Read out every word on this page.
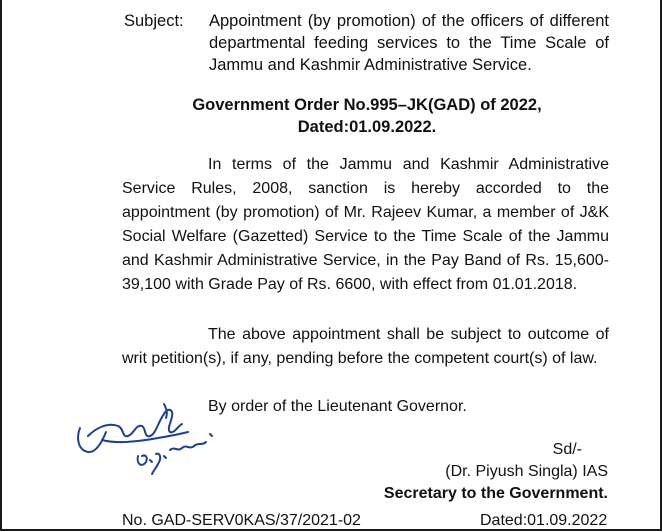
Subject: Appointment (by promotion) of the officers of different departmental feeding services to the Time Scale of Jammu and Kashmir Administrative Service.
Government Order No.995–JK(GAD) of 2022,
Dated:01.09.2022.
In terms of the Jammu and Kashmir Administrative Service Rules, 2008, sanction is hereby accorded to the appointment (by promotion) of Mr. Rajeev Kumar, a member of J&K Social Welfare (Gazetted) Service to the Time Scale of the Jammu and Kashmir Administrative Service, in the Pay Band of Rs. 15,600-39,100 with Grade Pay of Rs. 6600, with effect from 01.01.2018.
The above appointment shall be subject to outcome of writ petition(s), if any, pending before the competent court(s) of law.
By order of the Lieutenant Governor.
Sd/-
(Dr. Piyush Singla) IAS
Secretary to the Government.
No. GAD-SERV0KAS/37/2021-02	Dated:01.09.2022
